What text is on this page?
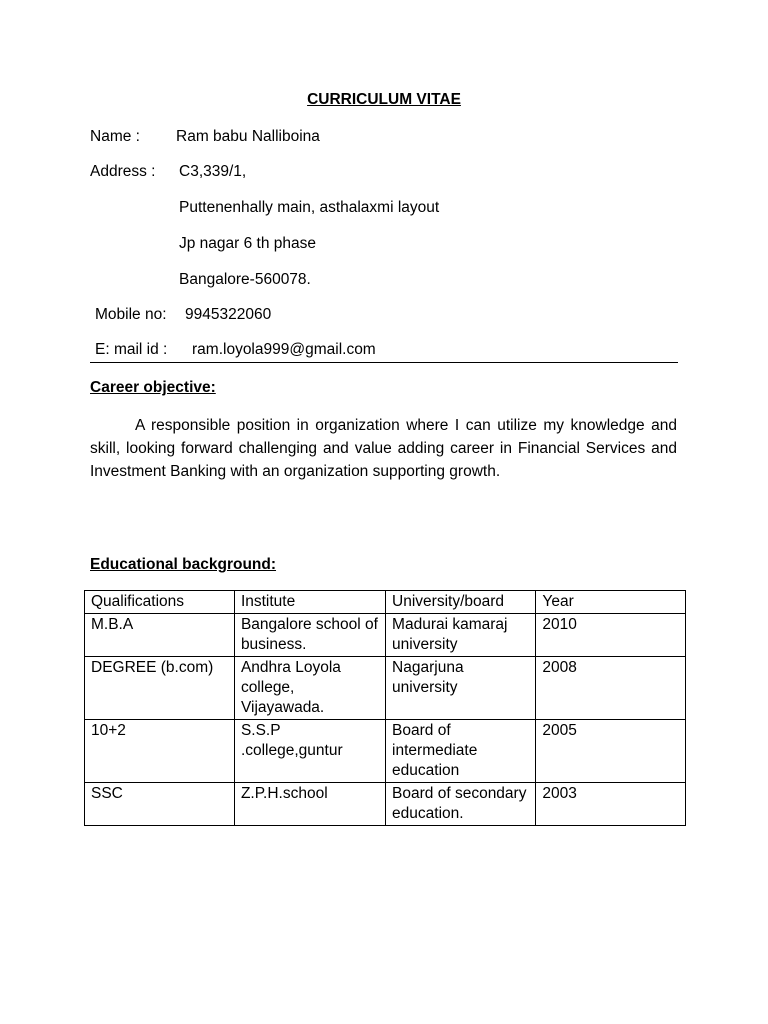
CURRICULUM VITAE
Name : Ram babu Nalliboina
Address : C3,339/1,
Puttenenhally main, asthalaxmi layout
Jp nagar 6 th phase
Bangalore-560078.
Mobile no: 9945322060
E: mail id : ram.loyola999@gmail.com
Career objective:
A responsible position in organization where I can utilize my knowledge and skill, looking forward challenging and value adding career in Financial Services and Investment Banking with an organization supporting growth.
Educational background:
Qualifications	Institute	University/board	Year
M.B.A	Bangalore school of business.	Madurai kamaraj university	2010
DEGREE (b.com)	Andhra Loyola college, Vijayawada.	Nagarjuna university	2008
10+2	S.S.P .college,guntur	Board of intermediate education	2005
SSC	Z.P.H.school	Board of secondary education.	2003
